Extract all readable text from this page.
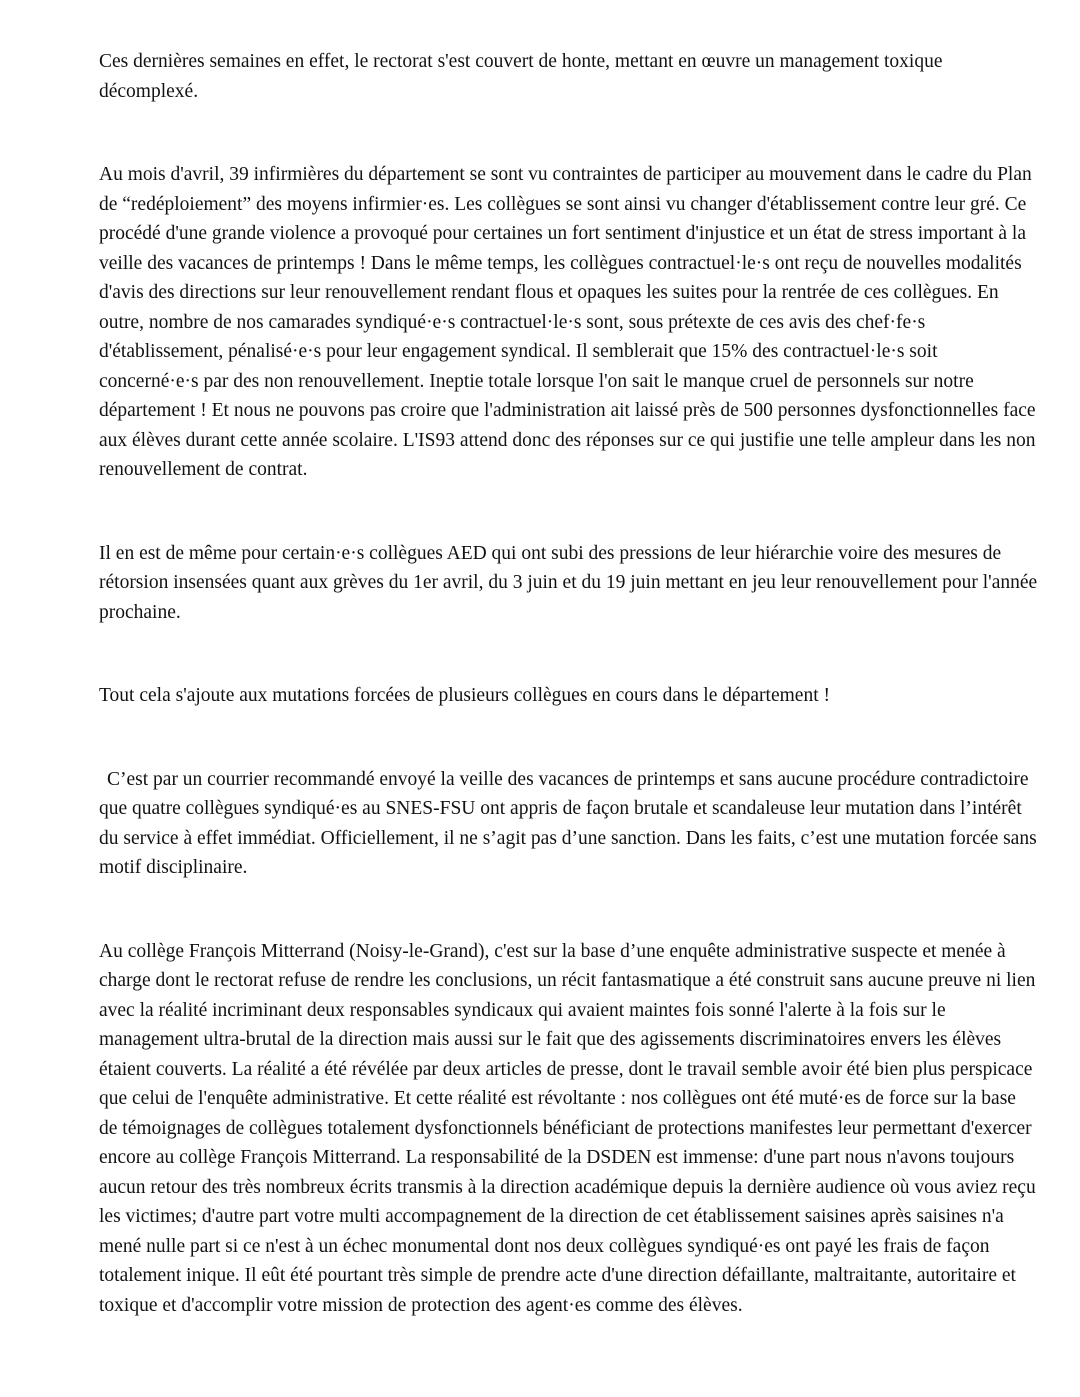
Ces dernières semaines en effet, le rectorat s'est couvert de honte, mettant en œuvre un management toxique décomplexé.

Au mois d'avril, 39 infirmières du département se sont vu contraintes de participer au mouvement dans le cadre du Plan de “redéploiement” des moyens infirmier·es. Les collègues se sont ainsi vu changer d'établissement contre leur gré. Ce procédé d'une grande violence a provoqué pour certaines un fort sentiment d'injustice et un état de stress important à la veille des vacances de printemps ! Dans le même temps, les collègues contractuel·le·s ont reçu de nouvelles modalités d'avis des directions sur leur renouvellement rendant flous et opaques les suites pour la rentrée de ces collègues. En outre, nombre de nos camarades syndiqué·e·s contractuel·le·s sont, sous prétexte de ces avis des chef·fe·s d'établissement, pénalisé·e·s pour leur engagement syndical. Il semblerait que 15% des contractuel·le·s soit concerné·e·s par des non renouvellement. Ineptie totale lorsque l'on sait le manque cruel de personnels sur notre département ! Et nous ne pouvons pas croire que l'administration ait laissé près de 500 personnes dysfonctionnelles face aux élèves durant cette année scolaire. L'IS93 attend donc des réponses sur ce qui justifie une telle ampleur dans les non renouvellement de contrat.

Il en est de même pour certain·e·s collègues AED qui ont subi des pressions de leur hiérarchie voire des mesures de rétorsion insensées quant aux grèves du 1er avril, du 3 juin et du 19 juin mettant en jeu leur renouvellement pour l'année prochaine.

Tout cela s'ajoute aux mutations forcées de plusieurs collègues en cours dans le département !

C’est par un courrier recommandé envoyé la veille des vacances de printemps et sans aucune procédure contradictoire que quatre collègues syndiqué·es au SNES-FSU ont appris de façon brutale et scandaleuse leur mutation dans l’intérêt du service à effet immédiat. Officiellement, il ne s’agit pas d’une sanction. Dans les faits, c’est une mutation forcée sans motif disciplinaire.

Au collège François Mitterrand (Noisy-le-Grand), c'est sur la base d’une enquête administrative suspecte et menée à charge dont le rectorat refuse de rendre les conclusions, un récit fantasmatique a été construit sans aucune preuve ni lien avec la réalité incriminant deux responsables syndicaux qui avaient maintes fois sonné l'alerte à la fois sur le management ultra-brutal de la direction mais aussi sur le fait que des agissements discriminatoires envers les élèves étaient couverts. La réalité a été révélée par deux articles de presse, dont le travail semble avoir été bien plus perspicace que celui de l'enquête administrative. Et cette réalité est révoltante : nos collègues ont été muté·es de force sur la base de témoignages de collègues totalement dysfonctionnels bénéficiant de protections manifestes leur permettant d'exercer encore au collège François Mitterrand. La responsabilité de la DSDEN est immense: d'une part nous n'avons toujours aucun retour des très nombreux écrits transmis à la direction académique depuis la dernière audience où vous aviez reçu les victimes; d'autre part votre multi accompagnement de la direction de cet établissement saisines après saisines n'a mené nulle part si ce n'est à un échec monumental dont nos deux collègues syndiqué·es ont payé les frais de façon totalement inique. Il eût été pourtant très simple de prendre acte d'une direction défaillante, maltraitante, autoritaire et toxique et d'accomplir votre mission de protection des agent·es comme des élèves.
